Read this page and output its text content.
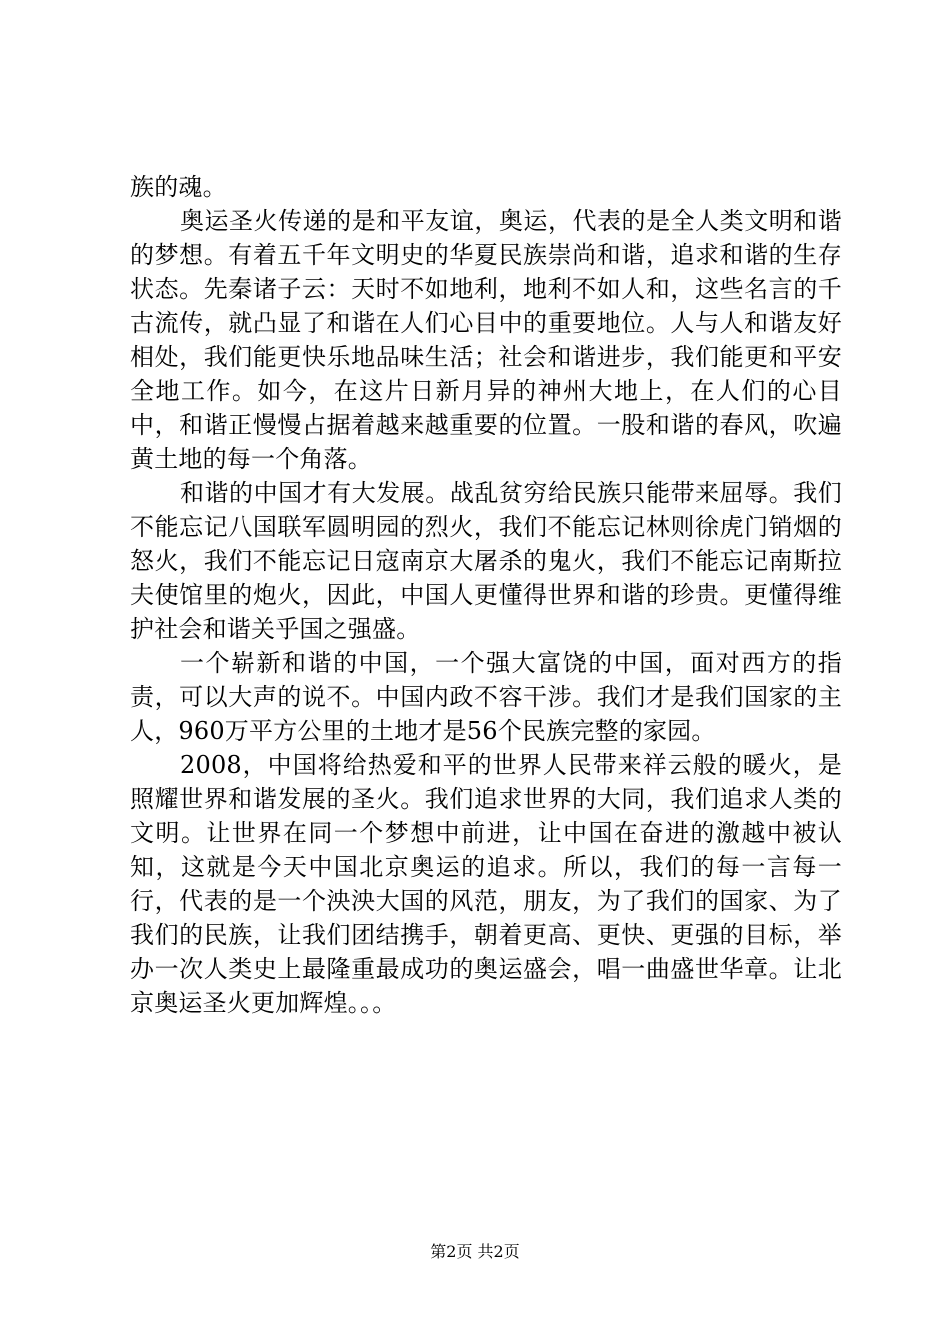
族的魂。

奥运圣火传递的是和平友谊，奥运，代表的是全人类文明和谐的梦想。有着五千年文明史的华夏民族崇尚和谐，追求和谐的生存状态。先秦诸子云：天时不如地利，地利不如人和，这些名言的千古流传，就凸显了和谐在人们心目中的重要地位。人与人和谐友好相处，我们能更快乐地品味生活；社会和谐进步，我们能更和平安全地工作。如今，在这片日新月异的神州大地上，在人们的心目中，和谐正慢慢占据着越来越重要的位置。一股和谐的春风，吹遍黄土地的每一个角落。

和谐的中国才有大发展。战乱贫穷给民族只能带来屈辱。我们不能忘记八国联军圆明园的烈火，我们不能忘记林则徐虎门销烟的怒火，我们不能忘记日寇南京大屠杀的鬼火，我们不能忘记南斯拉夫使馆里的炮火，因此，中国人更懂得世界和谐的珍贵。更懂得维护社会和谐关乎国之强盛。

一个崭新和谐的中国，一个强大富饶的中国，面对西方的指责，可以大声的说不。中国内政不容干涉。我们才是我们国家的主人，960万平方公里的土地才是56个民族完整的家园。

2008，中国将给热爱和平的世界人民带来祥云般的暖火，是照耀世界和谐发展的圣火。我们追求世界的大同，我们追求人类的文明。让世界在同一个梦想中前进，让中国在奋进的激越中被认知，这就是今天中国北京奥运的追求。所以，我们的每一言每一行，代表的是一个泱泱大国的风范，朋友，为了我们的国家、为了我们的民族，让我们团结携手，朝着更高、更快、更强的目标，举办一次人类史上最隆重最成功的奥运盛会，唱一曲盛世华章。让北京奥运圣火更加辉煌。。。

第2页 共2页
